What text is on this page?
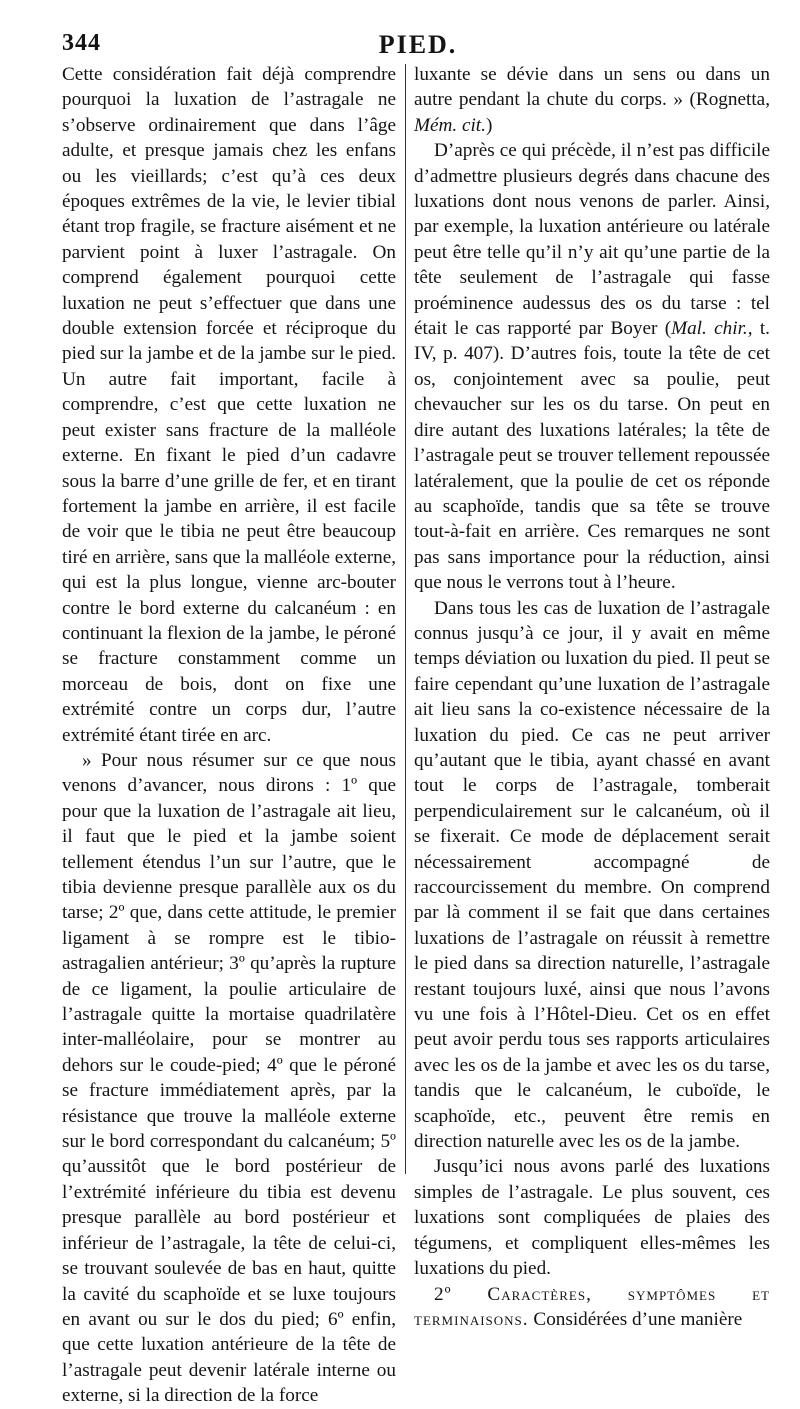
344	PIED.

Cette considération fait déjà comprendre pourquoi la luxation de l’astragale ne s’observe ordinairement que dans l’âge adulte, et presque jamais chez les enfans ou les vieillards; c’est qu’à ces deux époques extrêmes de la vie, le levier tibial étant trop fragile, se fracture aisément et ne parvient point à luxer l’astragale. On comprend également pourquoi cette luxation ne peut s’effectuer que dans une double extension forcée et réciproque du pied sur la jambe et de la jambe sur le pied. Un autre fait important, facile à comprendre, c’est que cette luxation ne peut exister sans fracture de la malléole externe. En fixant le pied d’un cadavre sous la barre d’une grille de fer, et en tirant fortement la jambe en arrière, il est facile de voir que le tibia ne peut être beaucoup tiré en arrière, sans que la malléole externe, qui est la plus longue, vienne arc-bouter contre le bord externe du calcanéum : en continuant la flexion de la jambe, le péroné se fracture constamment comme un morceau de bois, dont on fixe une extrémité contre un corps dur, l’autre extrémité étant tirée en arc.

» Pour nous résumer sur ce que nous venons d’avancer, nous dirons : 1º que pour que la luxation de l’astragale ait lieu, il faut que le pied et la jambe soient tellement étendus l’un sur l’autre, que le tibia devienne presque parallèle aux os du tarse; 2º que, dans cette attitude, le premier ligament à se rompre est le tibio-astragalien antérieur; 3º qu’après la rupture de ce ligament, la poulie articulaire de l’astragale quitte la mortaise quadrilatère inter-malléolaire, pour se montrer au dehors sur le coude-pied; 4º que le péroné se fracture immédiatement après, par la résistance que trouve la malléole externe sur le bord correspondant du calcanéum; 5º qu’aussitôt que le bord postérieur de l’extrémité inférieure du tibia est devenu presque parallèle au bord postérieur et inférieur de l’astragale, la tête de celui-ci, se trouvant soulevée de bas en haut, quitte la cavité du scaphoïde et se luxe toujours en avant ou sur le dos du pied; 6º enfin, que cette luxation antérieure de la tête de l’astragale peut devenir latérale interne ou externe, si la direction de la force

luxante se dévie dans un sens ou dans un autre pendant la chute du corps. » (Rognetta, Mém. cit.)

D’après ce qui précède, il n’est pas difficile d’admettre plusieurs degrés dans chacune des luxations dont nous venons de parler. Ainsi, par exemple, la luxation antérieure ou latérale peut être telle qu’il n’y ait qu’une partie de la tête seulement de l’astragale qui fasse proéminence audessus des os du tarse : tel était le cas rapporté par Boyer (Mal. chir., t. IV, p. 407). D’autres fois, toute la tête de cet os, conjointement avec sa poulie, peut chevaucher sur les os du tarse. On peut en dire autant des luxations latérales; la tête de l’astragale peut se trouver tellement repoussée latéralement, que la poulie de cet os réponde au scaphoïde, tandis que sa tête se trouve tout-à-fait en arrière. Ces remarques ne sont pas sans importance pour la réduction, ainsi que nous le verrons tout à l’heure.

Dans tous les cas de luxation de l’astragale connus jusqu’à ce jour, il y avait en même temps déviation ou luxation du pied. Il peut se faire cependant qu’une luxation de l’astragale ait lieu sans la co-existence nécessaire de la luxation du pied. Ce cas ne peut arriver qu’autant que le tibia, ayant chassé en avant tout le corps de l’astragale, tomberait perpendiculairement sur le calcanéum, où il se fixerait. Ce mode de déplacement serait nécessairement accompagné de raccourcissement du membre. On comprend par là comment il se fait que dans certaines luxations de l’astragale on réussit à remettre le pied dans sa direction naturelle, l’astragale restant toujours luxé, ainsi que nous l’avons vu une fois à l’Hôtel-Dieu. Cet os en effet peut avoir perdu tous ses rapports articulaires avec les os de la jambe et avec les os du tarse, tandis que le calcanéum, le cuboïde, le scaphoïde, etc., peuvent être remis en direction naturelle avec les os de la jambe.

Jusqu’ici nous avons parlé des luxations simples de l’astragale. Le plus souvent, ces luxations sont compliquées de plaies des tégumens, et compliquent elles-mêmes les luxations du pied.

2º Caractères, symptômes et terminaisons. Considérées d’une manière
